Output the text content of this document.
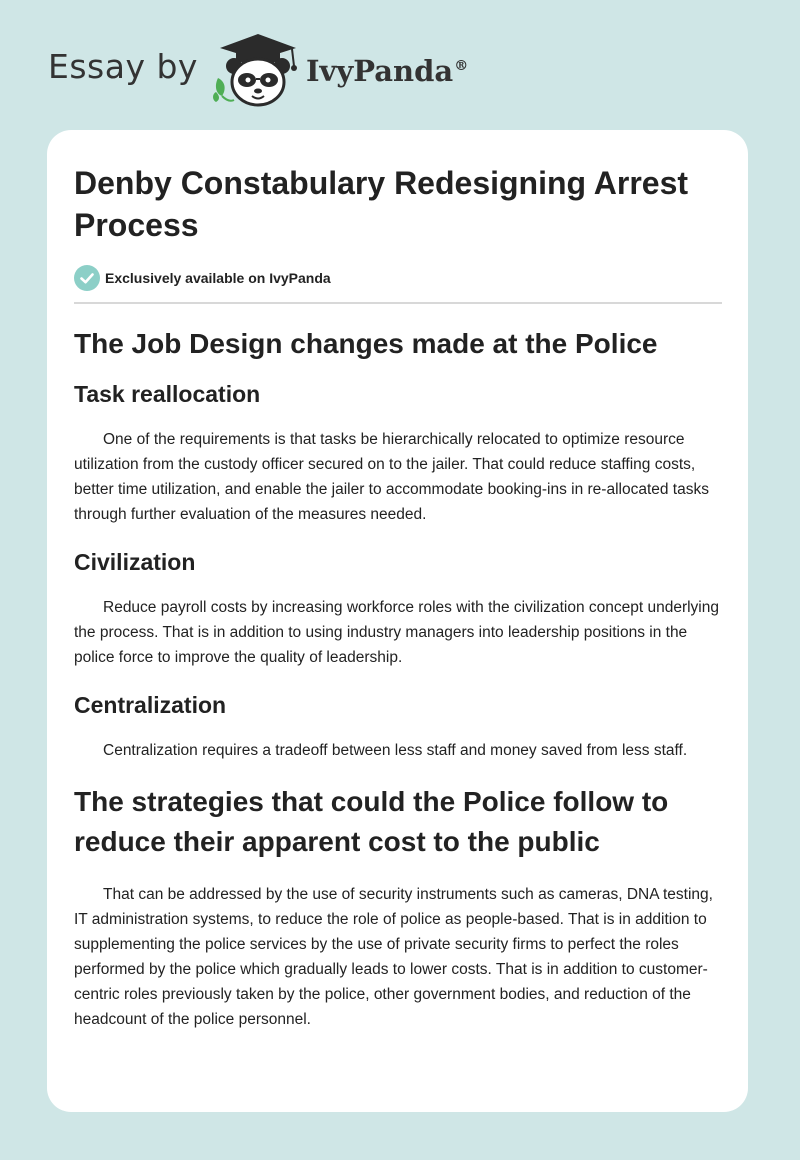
Essay by	IvyPanda®
Denby Constabulary Redesigning Arrest Process
Exclusively available on IvyPanda
The Job Design changes made at the Police
Task reallocation

One of the requirements is that tasks be hierarchically relocated to optimize resource utilization from the custody officer secured on to the jailer. That could reduce staffing costs, better time utilization, and enable the jailer to accommodate booking-ins in re-allocated tasks through further evaluation of the measures needed.

Civilization

Reduce payroll costs by increasing workforce roles with the civilization concept underlying the process. That is in addition to using industry managers into leadership positions in the police force to improve the quality of leadership.

Centralization

Centralization requires a tradeoff between less staff and money saved from less staff.

The strategies that could the Police follow to reduce their apparent cost to the public

That can be addressed by the use of security instruments such as cameras, DNA testing, IT administration systems, to reduce the role of police as people-based. That is in addition to supplementing the police services by the use of private security firms to perfect the roles performed by the police which gradually leads to lower costs. That is in addition to customer-centric roles previously taken by the police, other government bodies, and reduction of the headcount of the police personnel.
